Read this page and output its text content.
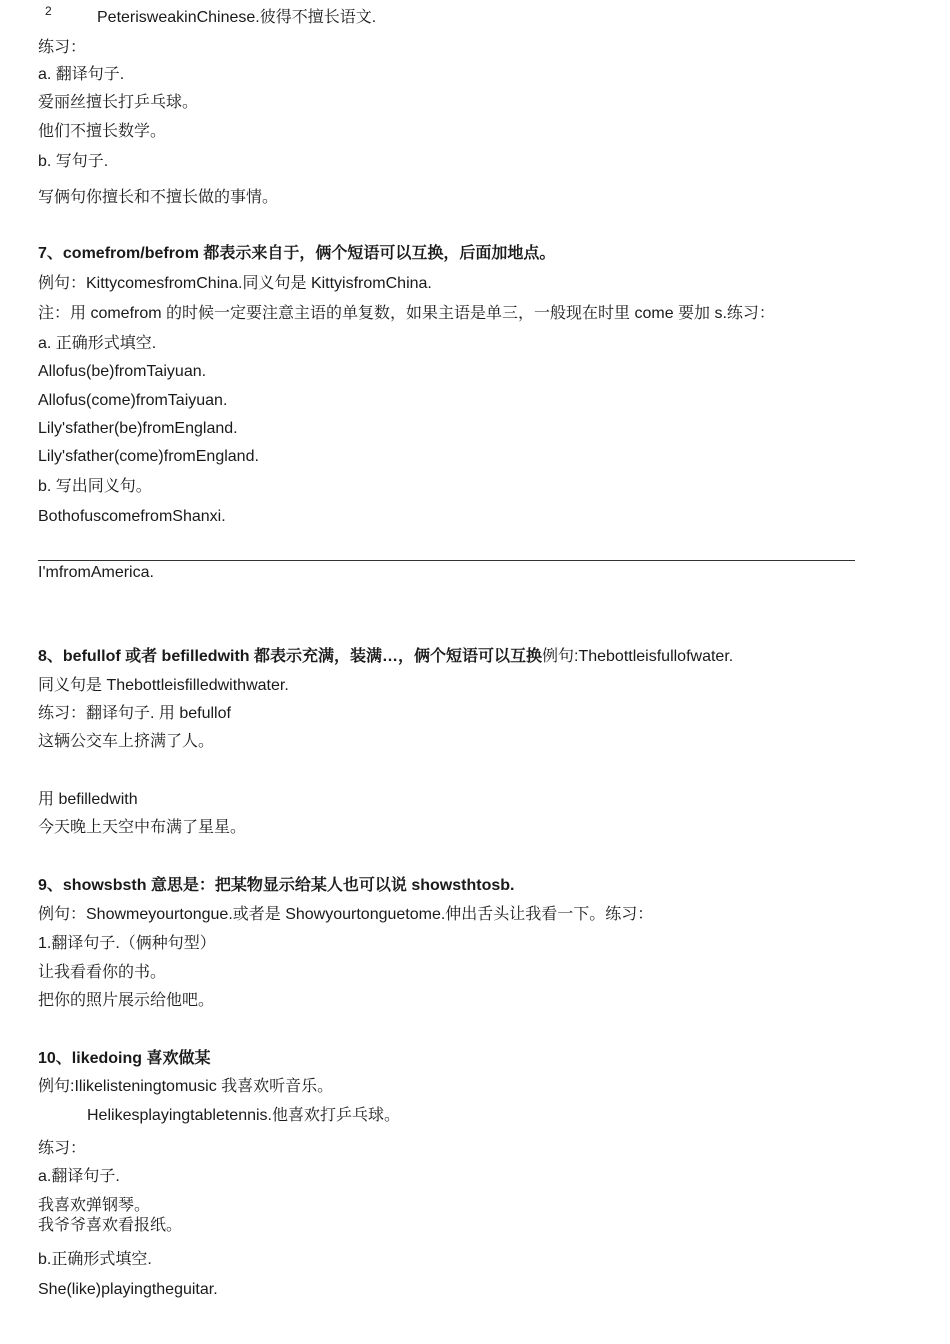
2	PeterisweakinChinese.彼得不擅长语文.
练习：
a. 翻译句子.
爱丽丝擅长打乒乓球。
他们不擅长数学。
b. 写句子.
写俩句你擅长和不擅长做的事情。
7、comefrom/befrom 都表示来自于，俩个短语可以互换，后面加地点。
例句：KittycomesfromChina.同义句是 KittyisfromChina.
注：用 comefrom 的时候一定要注意主语的单复数，如果主语是单三，一般现在时里 come 要加 s.练习：
a. 正确形式填空.
Allofus(be)fromTaiyuan.
Allofus(come)fromTaiyuan.
Lily'sfather(be)fromEngland.
Lily'sfather(come)fromEngland.
b. 写出同义句。
BothofuscomefromShanxi.
I'mfromAmerica.
8、befullof 或者 befilledwith 都表示充满，装满…，俩个短语可以互换例句:Thebottleisfullofwater.
同义句是 Thebottleisfilledwithwater.
练习：翻译句子. 用 befullof
这辆公交车上挤满了人。
用 befilledwith
今天晚上天空中布满了星星。
9、showsbsth 意思是：把某物显示给某人也可以说 showsthtosb.
例句：Showmeyourtongue.或者是 Showyourtonguetome.伸出舌头让我看一下。练习：
1.翻译句子.（俩种句型）
让我看看你的书。
把你的照片展示给他吧。
10、likedoing 喜欢做某
例句:Ilikelisteningtomusic 我喜欢听音乐。
Helikesplayingtabletennis.他喜欢打乒乓球。
练习：
a.翻译句子.
我喜欢弹钢琴。
我爷爷喜欢看报纸。
b.正确形式填空.
She(like)playingtheguitar.
